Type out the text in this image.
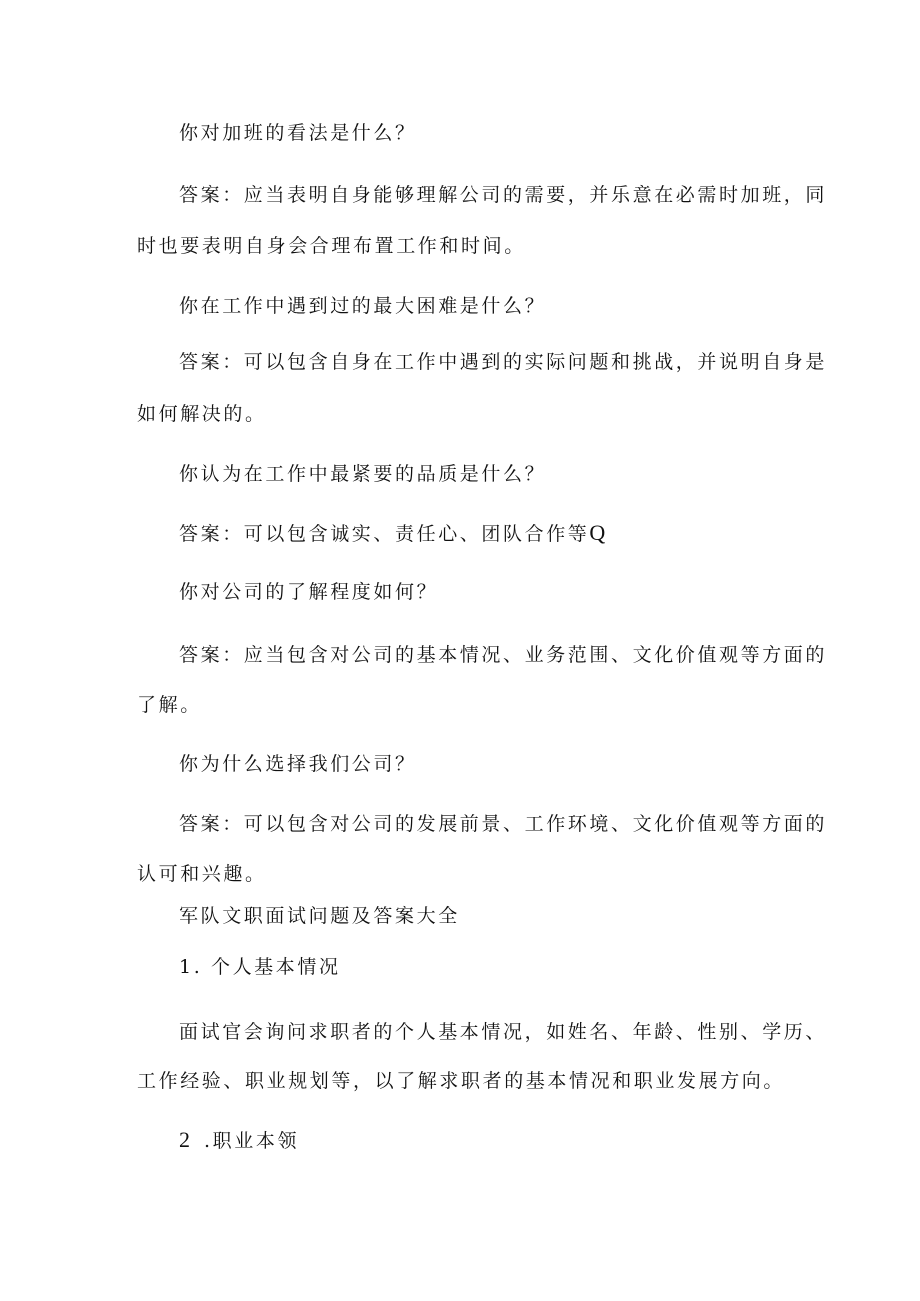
你对加班的看法是什么？
答案：应当表明自身能够理解公司的需要，并乐意在必需时加班，同
时也要表明自身会合理布置工作和时间。
你在工作中遇到过的最大困难是什么？
答案：可以包含自身在工作中遇到的实际问题和挑战，并说明自身是
如何解决的。
你认为在工作中最紧要的品质是什么？
答案：可以包含诚实、责任心、团队合作等Q
你对公司的了解程度如何？
答案：应当包含对公司的基本情况、业务范围、文化价值观等方面的
了解。
你为什么选择我们公司？
答案：可以包含对公司的发展前景、工作环境、文化价值观等方面的
认可和兴趣。
军队文职面试问题及答案大全
1. 个人基本情况
面试官会询问求职者的个人基本情况，如姓名、年龄、性别、学历、
工作经验、职业规划等，以了解求职者的基本情况和职业发展方向。
2 .职业本领
